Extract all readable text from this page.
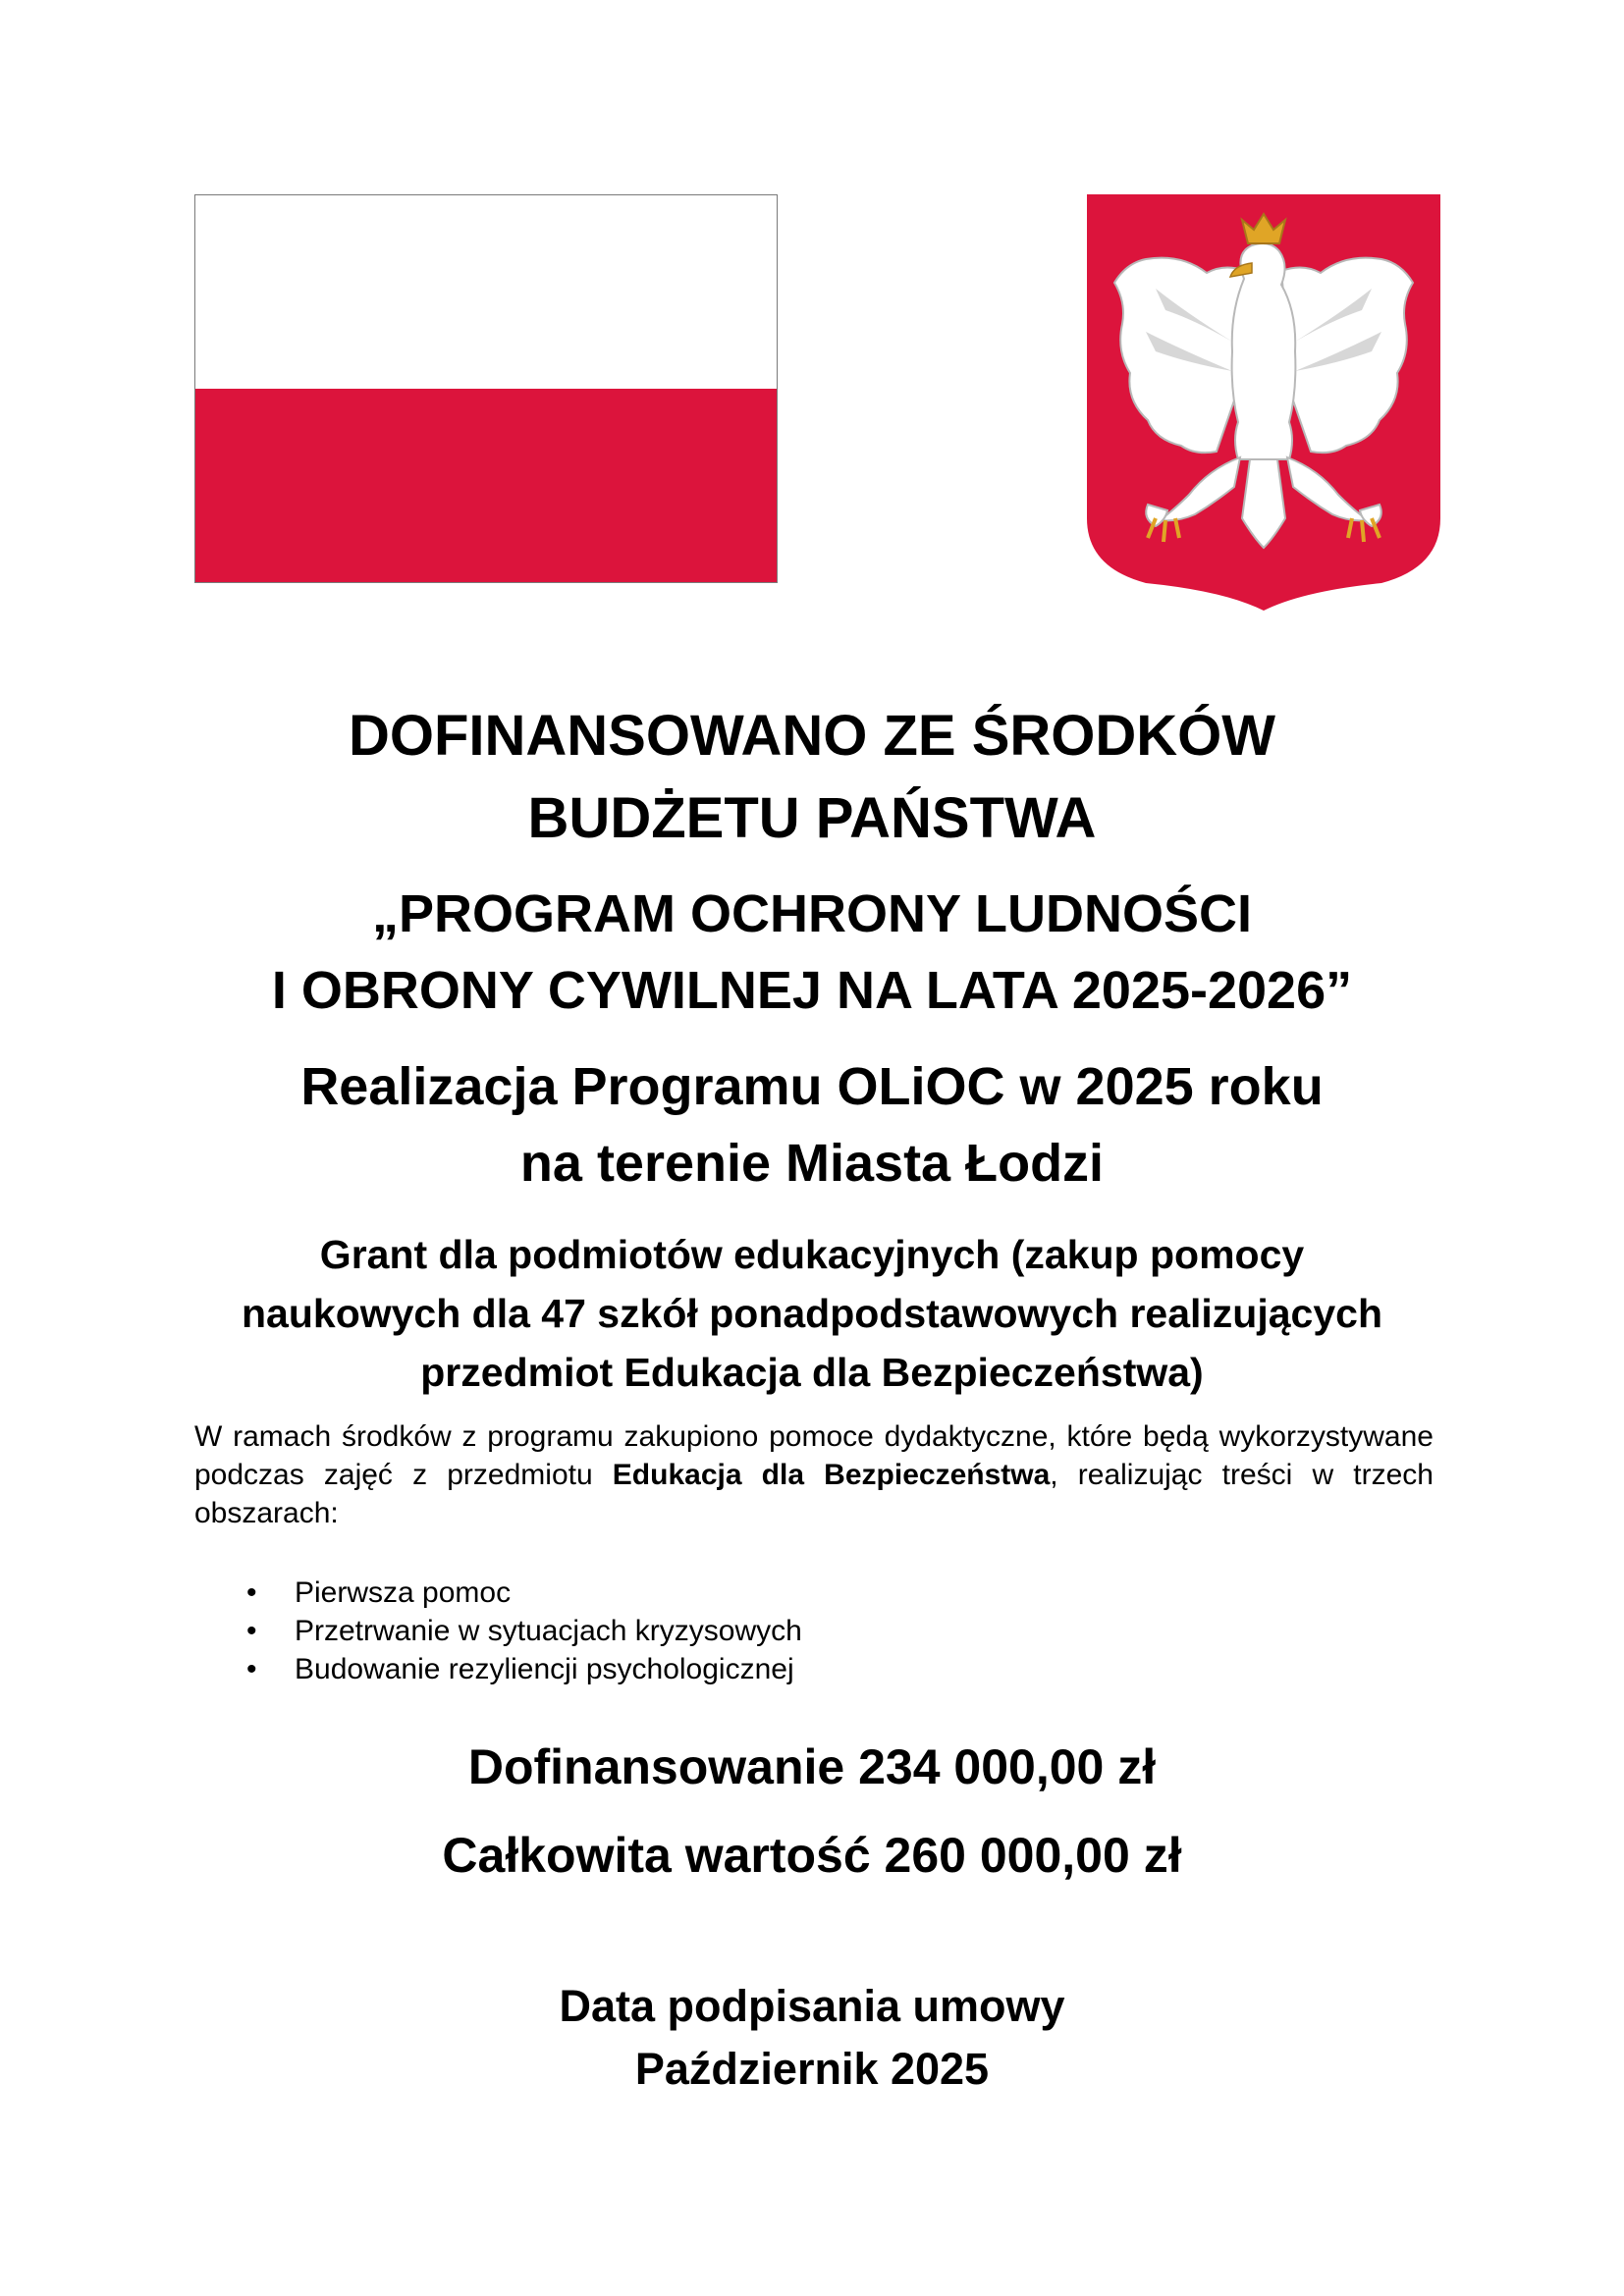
DOFINANSOWANO ZE ŚRODKÓW
BUDŻETU PAŃSTWA
„PROGRAM OCHRONY LUDNOŚCI
I OBRONY CYWILNEJ NA LATA 2025-2026”
Realizacja Programu OLiOC w 2025 roku
na terenie Miasta Łodzi
Grant dla podmiotów edukacyjnych (zakup pomocy
naukowych dla 47 szkół ponadpodstawowych realizujących
przedmiot Edukacja dla Bezpieczeństwa)

W ramach środków z programu zakupiono pomoce dydaktyczne, które będą wykorzystywane podczas zajęć z przedmiotu Edukacja dla Bezpieczeństwa, realizując treści w trzech obszarach:

• Pierwsza pomoc
• Przetrwanie w sytuacjach kryzysowych
• Budowanie rezyliencji psychologicznej

Dofinansowanie 234 000,00 zł

Całkowita wartość 260 000,00 zł

Data podpisania umowy
Październik 2025
